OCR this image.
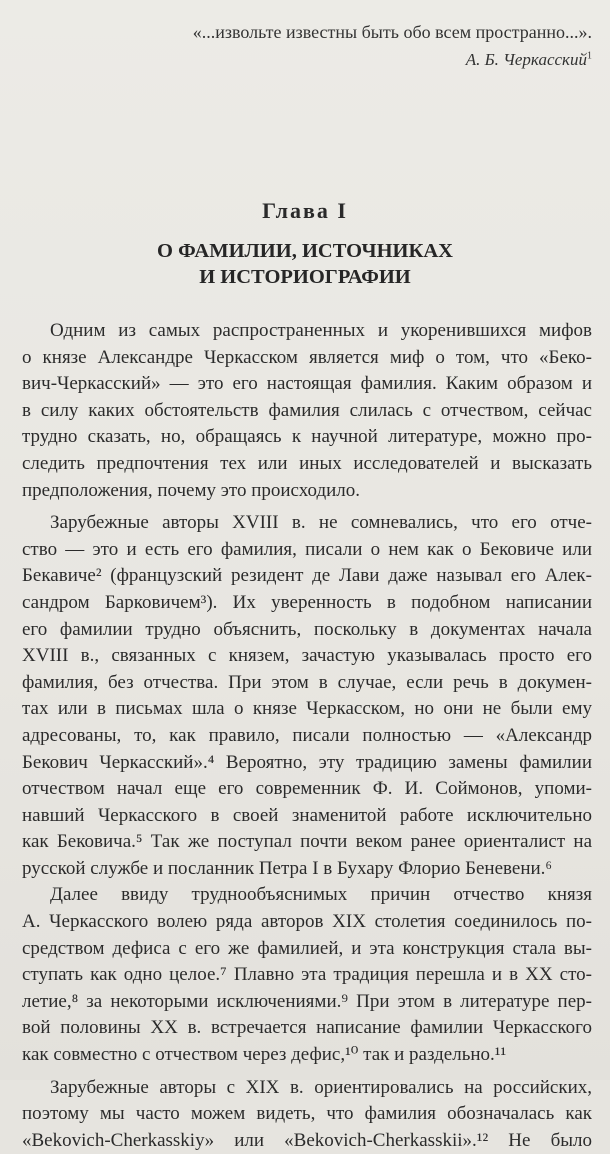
«...извольте известны быть обо всем пространно...».
А. Б. Черкасский$^1$
Глава I
О ФАМИЛИИ, ИСТОЧНИКАХ
И ИСТОРИОГРАФИИ
Одним из самых распространенных и укоренившихся мифов
о князе Александре Черкасском является миф о том, что «Беко-
вич-Черкасский» — это его настоящая фамилия. Каким образом и
в силу каких обстоятельств фамилия слилась с отчеством, сейчас
трудно сказать, но, обращаясь к научной литературе, можно про-
следить предпочтения тех или иных исследователей и высказать
предположения, почему это происходило.
Зарубежные авторы XVIII в. не сомневались, что его отче-
ство — это и есть его фамилия, писали о нем как о Бековиче или
Бекавиче² (французский резидент де Лави даже называл его Алек-
сандром Барковичем³). Их уверенность в подобном написании
его фамилии трудно объяснить, поскольку в документах начала
XVIII в., связанных с князем, зачастую указывалась просто его
фамилия, без отчества. При этом в случае, если речь в докумен-
тах или в письмах шла о князе Черкасском, но они не были ему
адресованы, то, как правило, писали полностью — «Александр
Бекович Черкасский».⁴ Вероятно, эту традицию замены фамилии
отчеством начал еще его современник Ф. И. Соймонов, упоми-
навший Черкасского в своей знаменитой работе исключительно
как Бековича.⁵ Так же поступал почти веком ранее ориенталист на
русской службе и посланник Петра I в Бухару Флорио Беневени.⁶
Далее ввиду труднообъяснимых причин отчество князя
А. Черкасского волею ряда авторов XIX столетия соединилось по-
средством дефиса с его же фамилией, и эта конструкция стала вы-
ступать как одно целое.⁷ Плавно эта традиция перешла и в XX сто-
летие,⁸ за некоторыми исключениями.⁹ При этом в литературе пер-
вой половины XX в. встречается написание фамилии Черкасского
как совместно с отчеством через дефис,¹⁰ так и раздельно.¹¹
Зарубежные авторы с XIX в. ориентировались на российских,
поэтому мы часто можем видеть, что фамилия обозначалась как
«Bekovich-Cherkasskiy» или «Bekovich-Cherkasskii».¹² Не было
